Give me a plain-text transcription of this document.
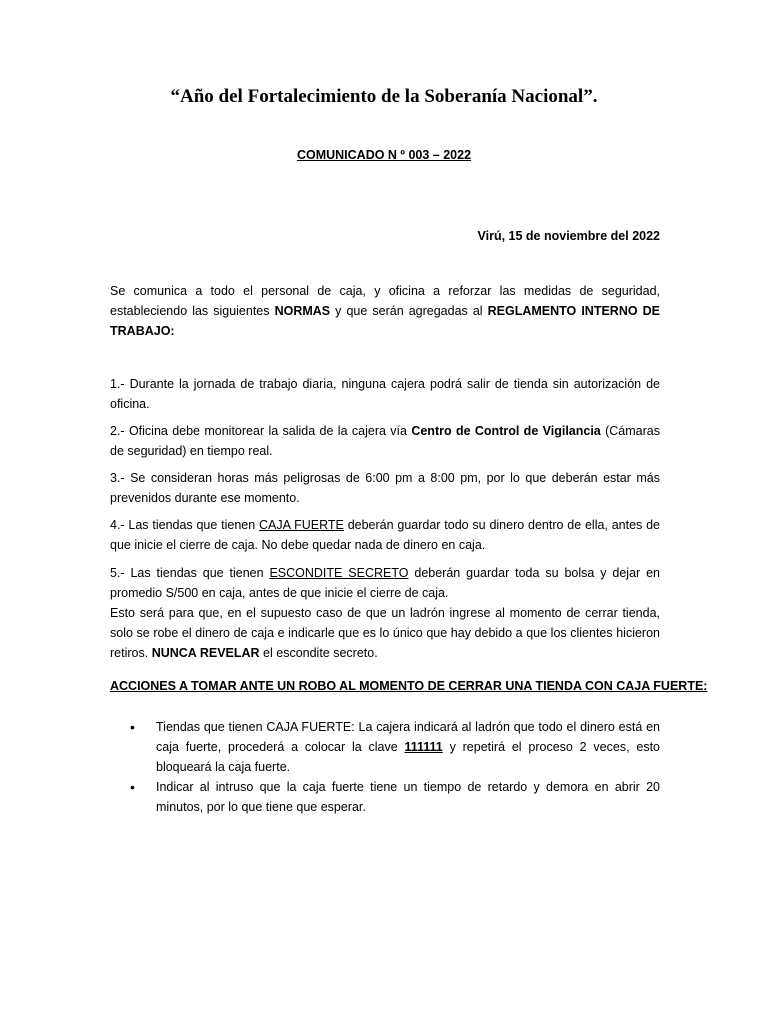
“Año del Fortalecimiento de la Soberanía Nacional”.
COMUNICADO N º 003 – 2022
Virú, 15 de noviembre del 2022

Se comunica a todo el personal de caja, y oficina a reforzar las medidas de seguridad, estableciendo las siguientes NORMAS y que serán agregadas al REGLAMENTO INTERNO DE TRABAJO:

1.- Durante la jornada de trabajo diaria, ninguna cajera podrá salir de tienda sin autorización de oficina.

2.- Oficina debe monitorear la salida de la cajera vía Centro de Control de Vigilancia (Cámaras de seguridad) en tiempo real.

3.- Se consideran horas más peligrosas de 6:00 pm a 8:00 pm, por lo que deberán estar más prevenidos durante ese momento.

4.- Las tiendas que tienen CAJA FUERTE deberán guardar todo su dinero dentro de ella, antes de que inicie el cierre de caja. No debe quedar nada de dinero en caja.

5.- Las tiendas que tienen ESCONDITE SECRETO deberán guardar toda su bolsa y dejar en promedio S/500 en caja, antes de que inicie el cierre de caja.
Esto será para que, en el supuesto caso de que un ladrón ingrese al momento de cerrar tienda, solo se robe el dinero de caja e indicarle que es lo único que hay debido a que los clientes hicieron retiros. NUNCA REVELAR el escondite secreto.

ACCIONES A TOMAR ANTE UN ROBO AL MOMENTO DE CERRAR UNA TIENDA CON CAJA FUERTE:
• Tiendas que tienen CAJA FUERTE: La cajera indicará al ladrón que todo el dinero está en caja fuerte, procederá a colocar la clave 111111 y repetirá el proceso 2 veces, esto bloqueará la caja fuerte.
• Indicar al intruso que la caja fuerte tiene un tiempo de retardo y demora en abrir 20 minutos, por lo que tiene que esperar.
